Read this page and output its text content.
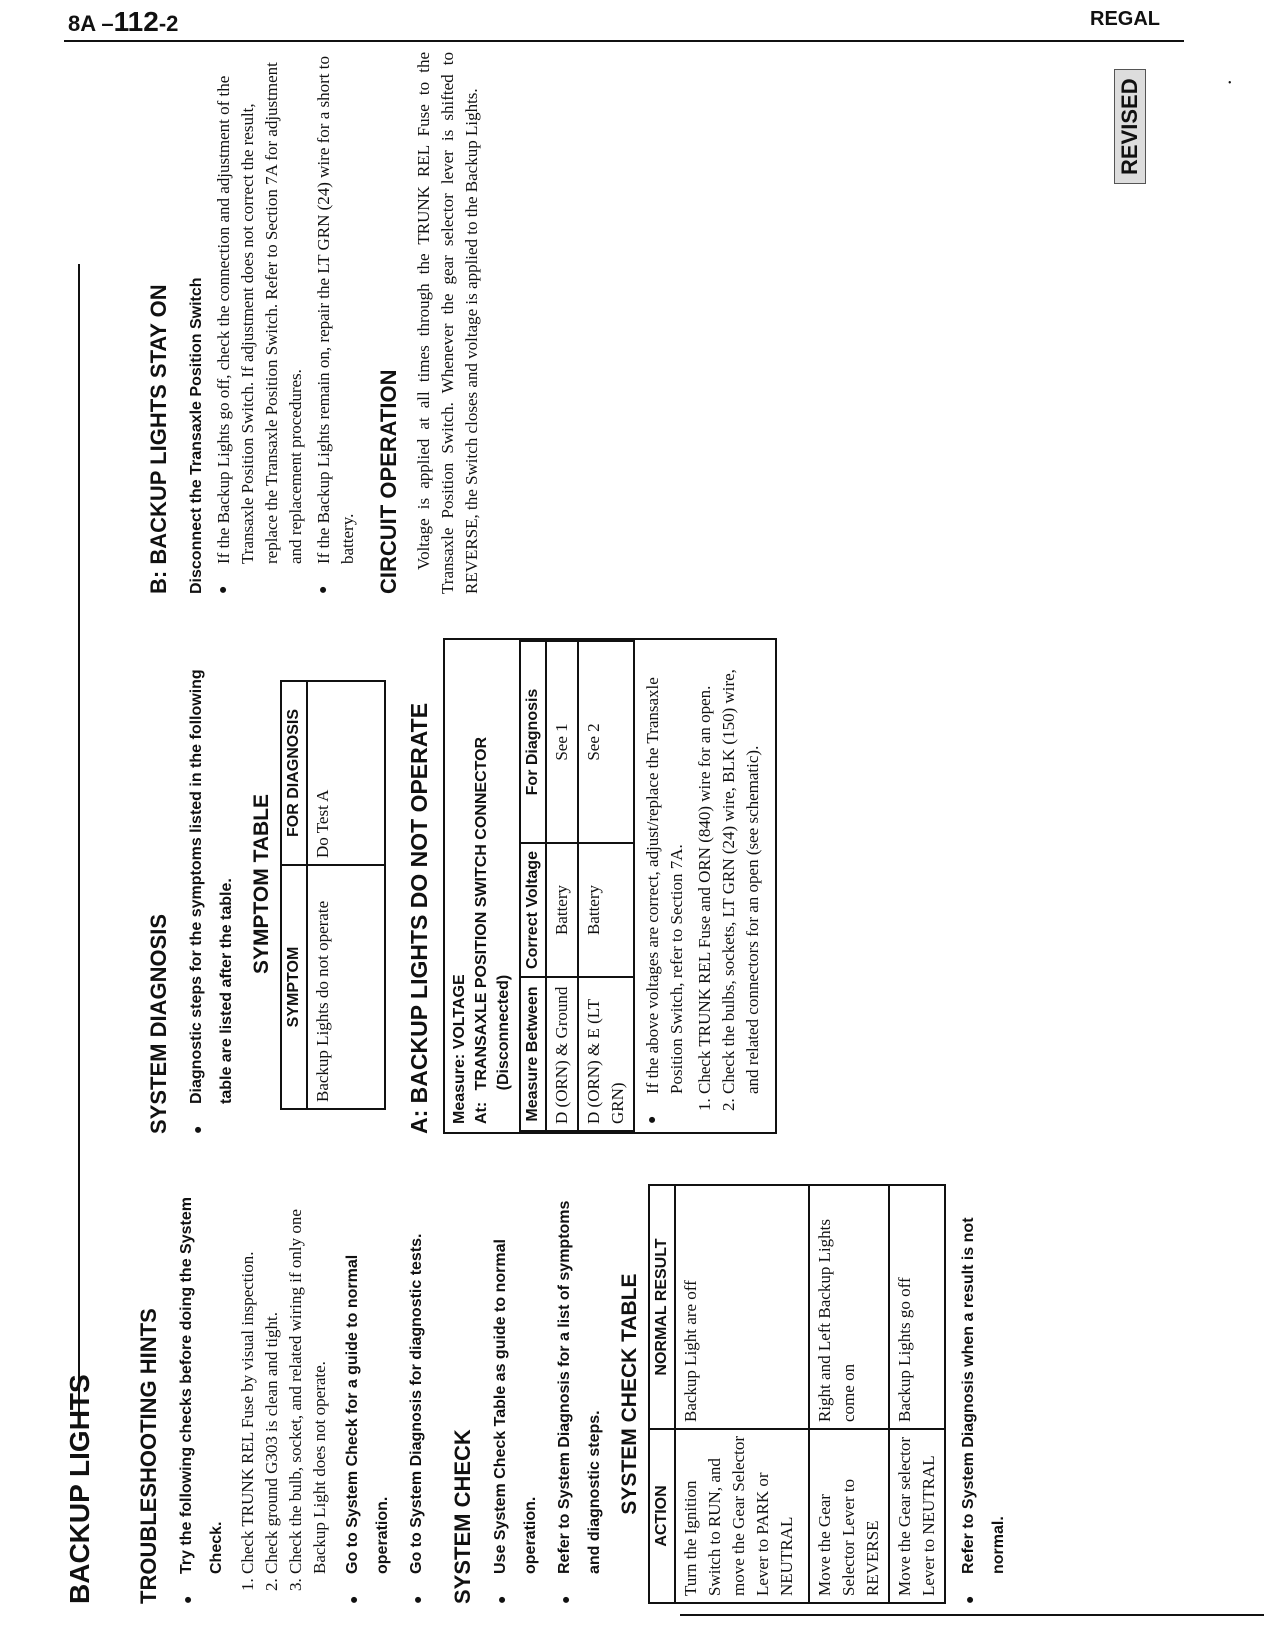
8A –112-2	REGAL
•
REVISED
BACKUP LIGHTS TROUBLESHOOTING HINTS	● Try the following checks before doing the System Check. 1. Check TRUNK REL Fuse by visual inspection. 2. Check ground G303 is clean and tight. 3. Check the bulb, socket, and related wiring if only one Backup Light does not operate. ● Go to System Check for a guide to normal operation.	● Go to System Diagnosis for diagnostic tests.	SYSTEM CHECK	● Use System Check Table as guide to normal operation.	● Refer to System Diagnosis for a list of symptoms and diagnostic steps. SYSTEM CHECK TABLE
ACTION	NORMAL RESULT
Turn the Ignition Switch to RUN, and move the Gear Selector Lever to PARK or NEUTRAL	Backup Light are off
Move the Gear Selector Lever to REVERSE	Right and Left Backup Lights come on
Move the Gear selector Lever to NEUTRAL	Backup Lights go off	● Refer to System Diagnosis when a result is not normal.
SYSTEM DIAGNOSIS	● Diagnostic steps for the symptoms listed in the following table are listed after the table. SYMPTOM TABLE
SYMPTOM	FOR DIAGNOSIS
Backup Lights do not operate	Do Test A	A: BACKUP LIGHTS DO NOT OPERATE Measure: VOLTAGE At:
TRANSAXLE POSITION SWITCH CONNECTOR (Disconnected) Measure Between	Correct Voltage	For Diagnosis
D (ORN) & Ground	Battery	See 1
D (ORN) & E (LT GRN)	Battery	See 2 ● If the above voltages are correct, adjust/replace the Transaxle Position Switch, refer to Section 7A. 1. Check TRUNK REL Fuse and ORN (840) wire for an open. 2. Check the bulbs, sockets, LT GRN (24) wire, BLK (150) wire, and related connectors for an open (see schematic).
B: BACKUP LIGHTS STAY ON	Disconnect the Transaxle Position Switch ● If the Backup Lights go off, check the connection and adjustment of the Transaxle Position Switch. If adjustment does not correct the result, replace the Transaxle Position Switch. Refer to Section 7A for adjustment and replacement procedures. ● If the Backup Lights remain on, repair the LT GRN (24) wire for a short to battery. CIRCUIT OPERATION Voltage is applied at all times through the TRUNK REL Fuse to the Transaxle Position Switch. Whenever the gear selector lever is shifted to REVERSE, the Switch closes and voltage is applied to the Backup Lights.
